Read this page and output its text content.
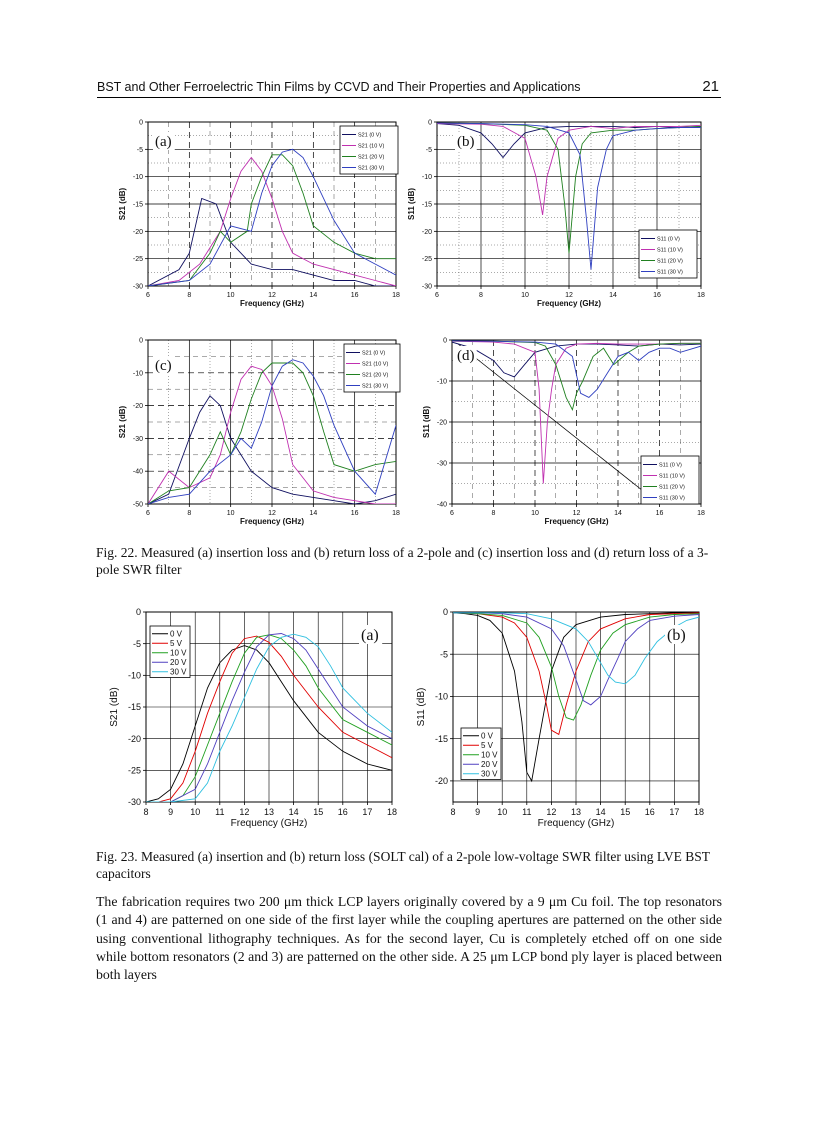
BST and Other Ferroelectric Thin Films by CCVD and Their Properties and Applications	21
6	8	10	12	14	16	18
0
-5
-10
-15
-20
-25
-30
Frequency (GHz)
S21 (dB)
S21 (0 V)
S21 (10 V)
S21 (20 V)
S21 (30 V)
(a)
6	8	10	12	14	16	18
0
-5
-10
-15
-20
-25
-30
Frequency (GHz)
S11 (dB)
S11 (0 V)
S11 (10 V)
S11 (20 V)
S11 (30 V)
(b)
6	8	10	12	14	16	18
0
-10
-20
-30
-40
-50
Frequency (GHz)
S21 (dB)
S21 (0 V)
S21 (10 V)
S21 (20 V)
S21 (30 V)
(c)
6	8	10	12	14	16	18
0
-10
-20
-30
-40
Frequency (GHz)
S11 (dB)
S11 (0 V)
S11 (10 V)
S11 (20 V)
S11 (30 V)
(d)
Fig. 22. Measured (a) insertion loss and (b) return loss of a 2-pole and (c) insertion loss and (d) return loss of a 3-pole SWR filter
8 9 10 11 12 13 14 15 16 17 18
0
-5
-10
-15
-20
-25
-30
Frequency (GHz)
S21 (dB)
0 V
5 V
10 V
20 V
30 V
(a)
8 9 10 11 12 13 14 15 16 17 18
0
-5
-10
-15
-20
Frequency (GHz)
S11 (dB)
0 V
5 V
10 V
20 V
30 V
(b)
Fig. 23. Measured (a) insertion and (b) return loss (SOLT cal) of a 2-pole low-voltage SWR filter using LVE BST capacitors
The fabrication requires two 200 μm thick LCP layers originally covered by a 9 μm Cu foil. The top resonators (1 and 4) are patterned on one side of the first layer while the coupling apertures are patterned on the other side using conventional lithography techniques. As for the second layer, Cu is completely etched off on one side while bottom resonators (2 and 3) are patterned on the other side. A 25 μm LCP bond ply layer is placed between both layers
